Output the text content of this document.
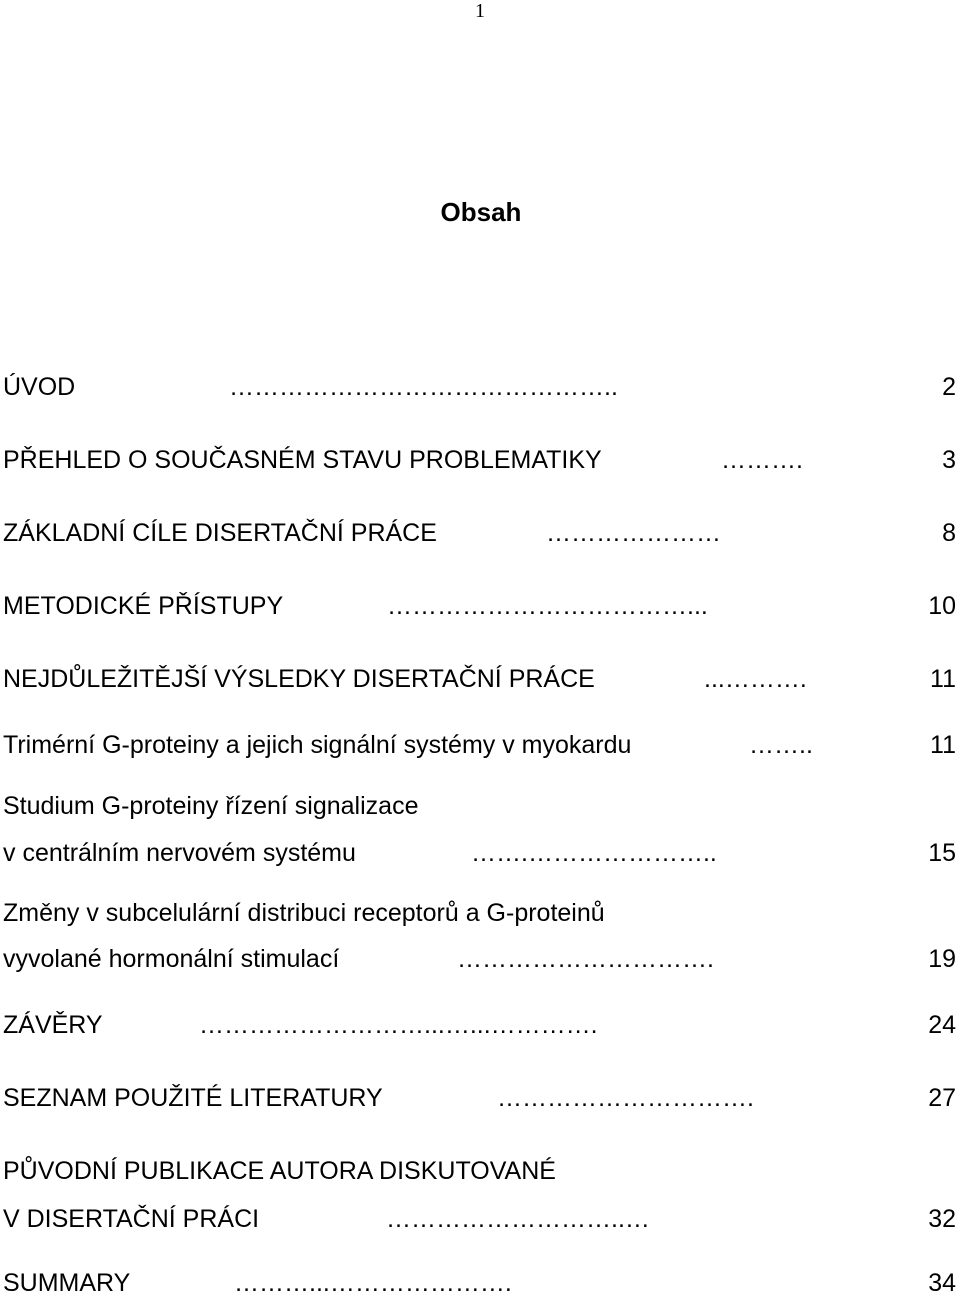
1
Obsah
ÚVOD	………………………………………..	2
PŘEHLED O SOUČASNÉM STAVU PROBLEMATIKY	……….	3
ZÁKLADNÍ CÍLE DISERTAČNÍ PRÁCE	…………………	8
METODICKÉ PŘÍSTUPY	………………………………...	10
NEJDŮLEŽITĚJŠÍ VÝSLEDKY DISERTAČNÍ PRÁCE	...……….	11
Trimérní G-proteiny a jejich signální systémy v myokardu	……..	11
Studium G-proteiny řízení signalizace
v centrálním nervovém systému	…….…………………..	15
Změny v subcelulární distribuci receptorů a G-proteinů
vyvolané hormonální stimulací	………………………….	19
ZÁVĚRY	………………………...…...………….	24
SEZNAM POUŽITÉ LITERATURY	………………………….	27
PŮVODNÍ PUBLIKACE AUTORA DISKUTOVANÉ
V DISERTAČNÍ PRÁCI	………………………..…	32
SUMMARY	………...………………….	34
